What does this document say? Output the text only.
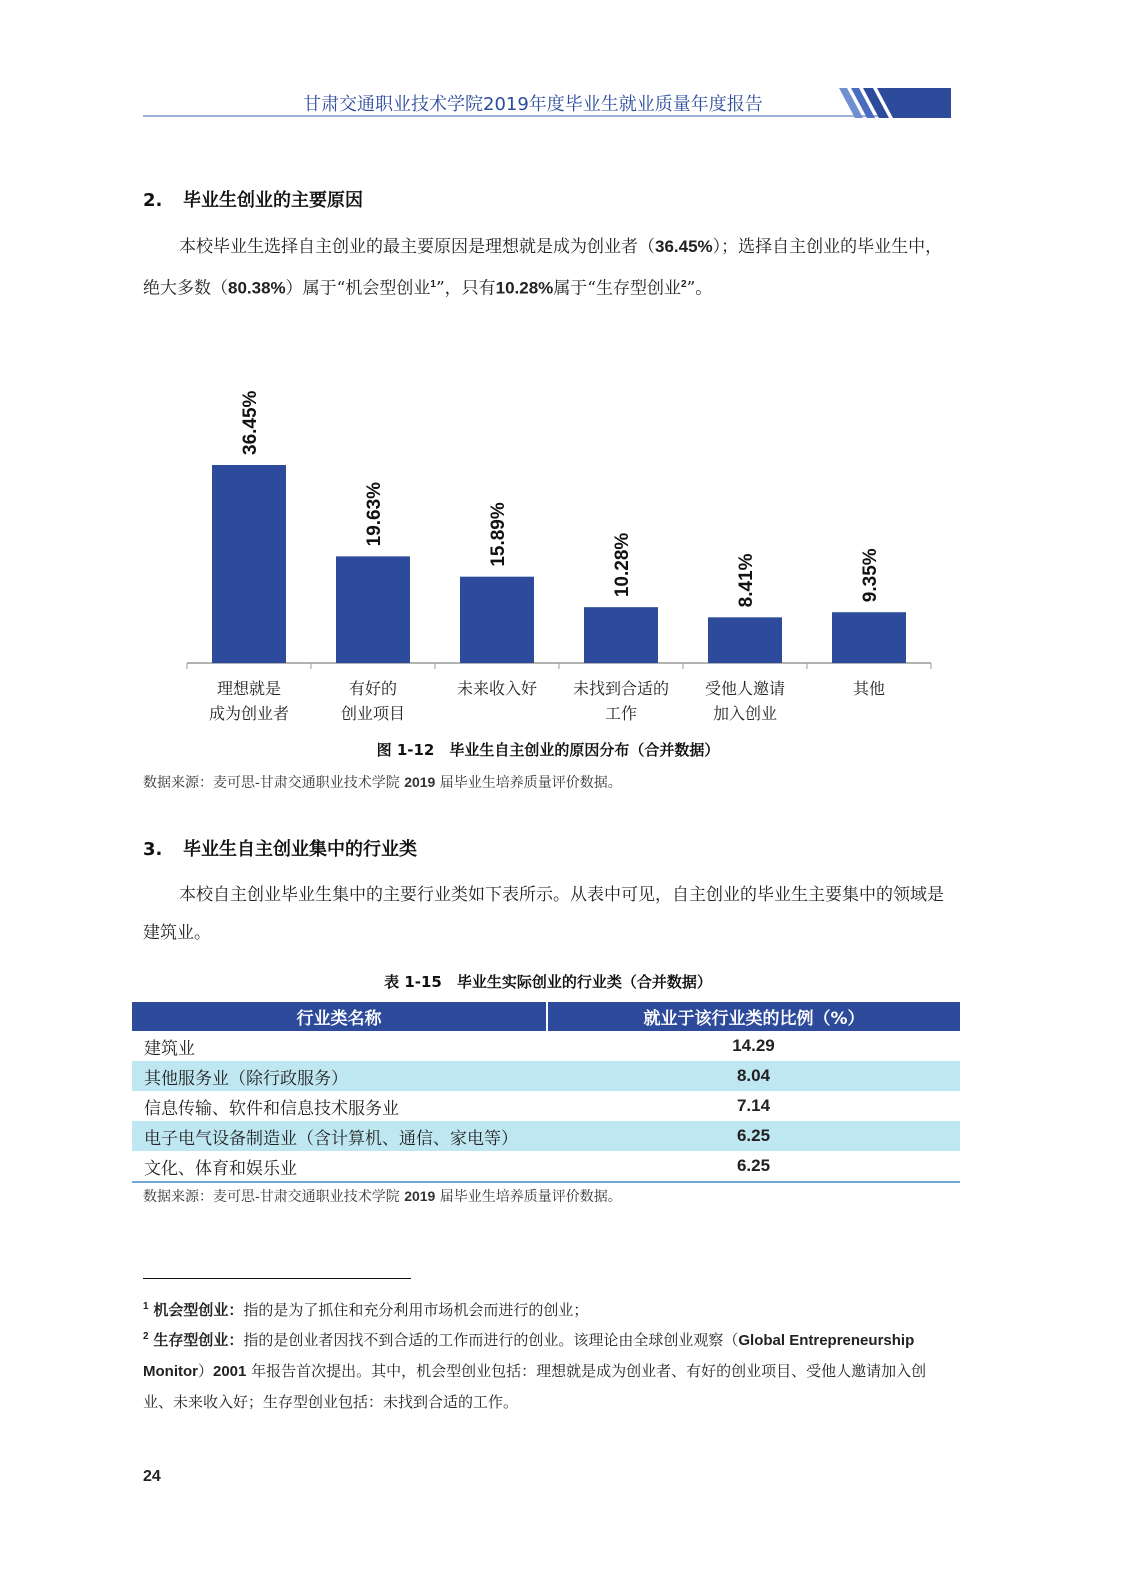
甘肃交通职业技术学院2019年度毕业生就业质量年度报告
2. 毕业生创业的主要原因
本校毕业生选择自主创业的最主要原因是理想就是成为创业者（36.45%）；选择自主创业的毕业生中，绝大多数（80.38%）属于“机会型创业$^1$”，只有10.28%属于“生存型创业$^2$”。
36.45%
理想就是
成为创业者
19.63%
有好的
创业项目
15.89%
未来收入好
10.28%
未找到合适的
工作
8.41%
受他人邀请
加入创业
9.35%
其他
图 1-12　毕业生自主创业的原因分布（合并数据）
数据来源：麦可思-甘肃交通职业技术学院 2019 届毕业生培养质量评价数据。
3. 毕业生自主创业集中的行业类
本校自主创业毕业生集中的主要行业类如下表所示。从表中可见，自主创业的毕业生主要集中的领域是建筑业。
表 1-15　毕业生实际创业的行业类（合并数据）
行业类名称	就业于该行业类的比例（%）
建筑业	14.29
其他服务业（除行政服务）	8.04
信息传输、软件和信息技术服务业	7.14
电子电气设备制造业（含计算机、通信、家电等）	6.25
文化、体育和娱乐业	6.25
数据来源：麦可思-甘肃交通职业技术学院 2019 届毕业生培养质量评价数据。
$^1$ 机会型创业：指的是为了抓住和充分利用市场机会而进行的创业；
$^2$ 生存型创业：指的是创业者因找不到合适的工作而进行的创业。该理论由全球创业观察（Global Entrepreneurship Monitor）2001 年报告首次提出。其中，机会型创业包括：理想就是成为创业者、有好的创业项目、受他人邀请加入创业、未来收入好；生存型创业包括：未找到合适的工作。
24
